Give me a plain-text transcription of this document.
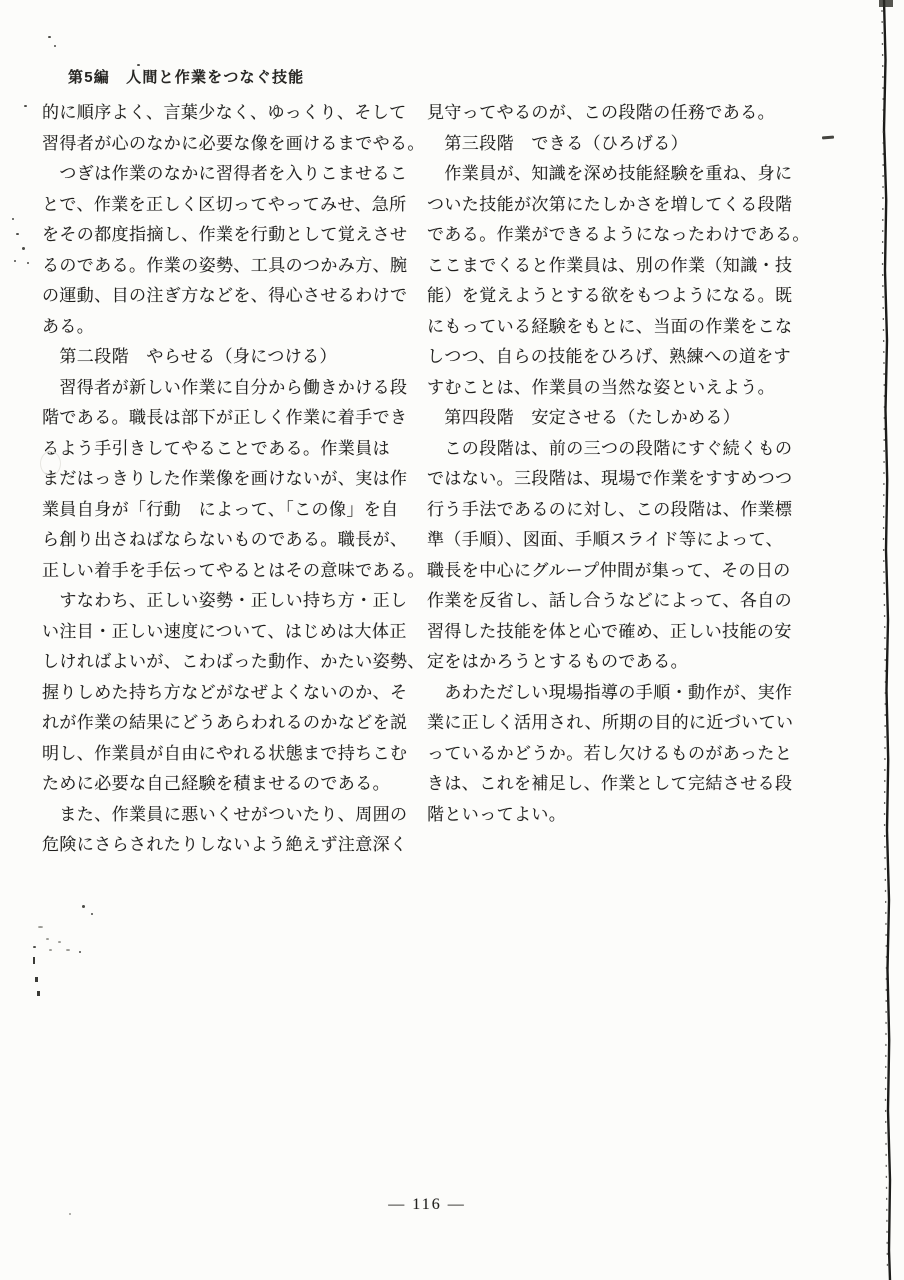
第5編　人間と作業をつなぐ技能
的に順序よく、言葉少なく、ゆっくり、そして
習得者が心のなかに必要な像を画けるまでやる。
　つぎは作業のなかに習得者を入りこませるこ
とで、作業を正しく区切ってやってみせ、急所
をその都度指摘し、作業を行動として覚えさせ
るのである。作業の姿勢、工具のつかみ方、腕
の運動、目の注ぎ方などを、得心させるわけで
ある。
　第二段階　やらせる（身につける）
　習得者が新しい作業に自分から働きかける段
階である。職長は部下が正しく作業に着手でき
るよう手引きしてやることである。作業員は
まだはっきりした作業像を画けないが、実は作
業員自身が「行動　によって、「この像」を自
ら創り出さねばならないものである。職長が、
正しい着手を手伝ってやるとはその意味である。
　すなわち、正しい姿勢・正しい持ち方・正し
い注目・正しい速度について、はじめは大体正
しければよいが、こわばった動作、かたい姿勢、
握りしめた持ち方などがなぜよくないのか、そ
れが作業の結果にどうあらわれるのかなどを説
明し、作業員が自由にやれる状態まで持ちこむ
ために必要な自己経験を積ませるのである。
　また、作業員に悪いくせがついたり、周囲の
危険にさらされたりしないよう絶えず注意深く
見守ってやるのが、この段階の任務である。
　第三段階　できる（ひろげる）
　作業員が、知識を深め技能経験を重ね、身に
ついた技能が次第にたしかさを増してくる段階
である。作業ができるようになったわけである。
ここまでくると作業員は、別の作業（知識・技
能）を覚えようとする欲をもつようになる。既
にもっている経験をもとに、当面の作業をこな
しつつ、自らの技能をひろげ、熟練への道をす
すむことは、作業員の当然な姿といえよう。
　第四段階　安定させる（たしかめる）
　この段階は、前の三つの段階にすぐ続くもの
ではない。三段階は、現場で作業をすすめつつ
行う手法であるのに対し、この段階は、作業標
準（手順）、図面、手順スライド等によって、
職長を中心にグループ仲間が集って、その日の
作業を反省し、話し合うなどによって、各自の
習得した技能を体と心で確め、正しい技能の安
定をはかろうとするものである。
　あわただしい現場指導の手順・動作が、実作
業に正しく活用され、所期の目的に近づいてい
っているかどうか。若し欠けるものがあったと
きは、これを補足し、作業として完結させる段
階といってよい。
— 116 —
